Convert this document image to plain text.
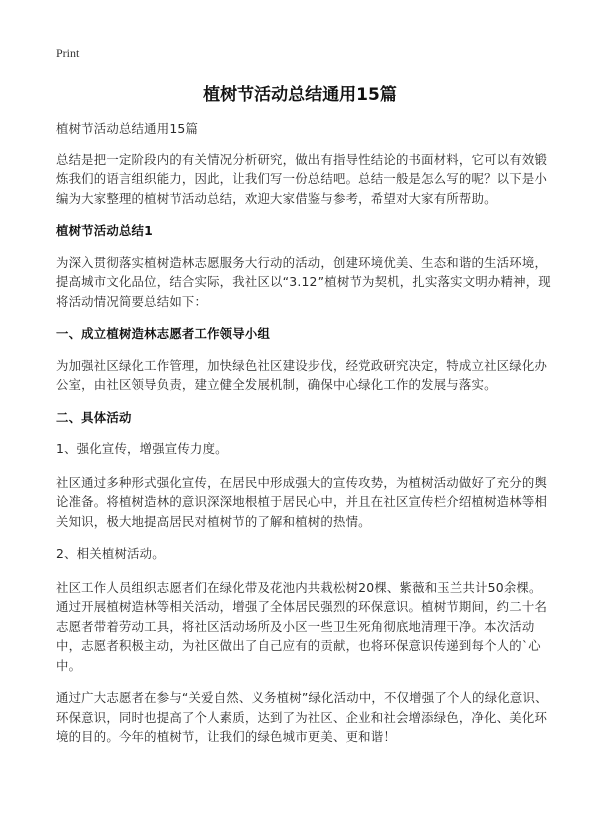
Print
植树节活动总结通用15篇

植树节活动总结通用15篇

总结是把一定阶段内的有关情况分析研究，做出有指导性结论的书面材料，它可以有效锻炼我们的语言组织能力，因此，让我们写一份总结吧。总结一般是怎么写的呢？以下是小编为大家整理的植树节活动总结，欢迎大家借鉴与参考，希望对大家有所帮助。

植树节活动总结1

为深入贯彻落实植树造林志愿服务大行动的活动，创建环境优美、生态和谐的生活环境，提高城市文化品位，结合实际，我社区以“3.12”植树节为契机，扎实落实文明办精神，现将活动情况简要总结如下：

一、成立植树造林志愿者工作领导小组

为加强社区绿化工作管理，加快绿色社区建设步伐，经党政研究决定，特成立社区绿化办公室，由社区领导负责，建立健全发展机制，确保中心绿化工作的发展与落实。

二、具体活动

1、强化宣传，增强宣传力度。

社区通过多种形式强化宣传，在居民中形成强大的宣传攻势，为植树活动做好了充分的舆论准备。将植树造林的意识深深地根植于居民心中，并且在社区宣传栏介绍植树造林等相关知识，极大地提高居民对植树节的了解和植树的热情。

2、相关植树活动。

社区工作人员组织志愿者们在绿化带及花池内共栽松树20棵、紫薇和玉兰共计50余棵。通过开展植树造林等相关活动，增强了全体居民强烈的环保意识。植树节期间，约二十名志愿者带着劳动工具，将社区活动场所及小区一些卫生死角彻底地清理干净。本次活动中，志愿者积极主动，为社区做出了自己应有的贡献，也将环保意识传递到每个人的`心中。

通过广大志愿者在参与“关爱自然、义务植树”绿化活动中，不仅增强了个人的绿化意识、环保意识，同时也提高了个人素质，达到了为社区、企业和社会增添绿色，净化、美化环境的目的。今年的植树节，让我们的绿色城市更美、更和谐！
